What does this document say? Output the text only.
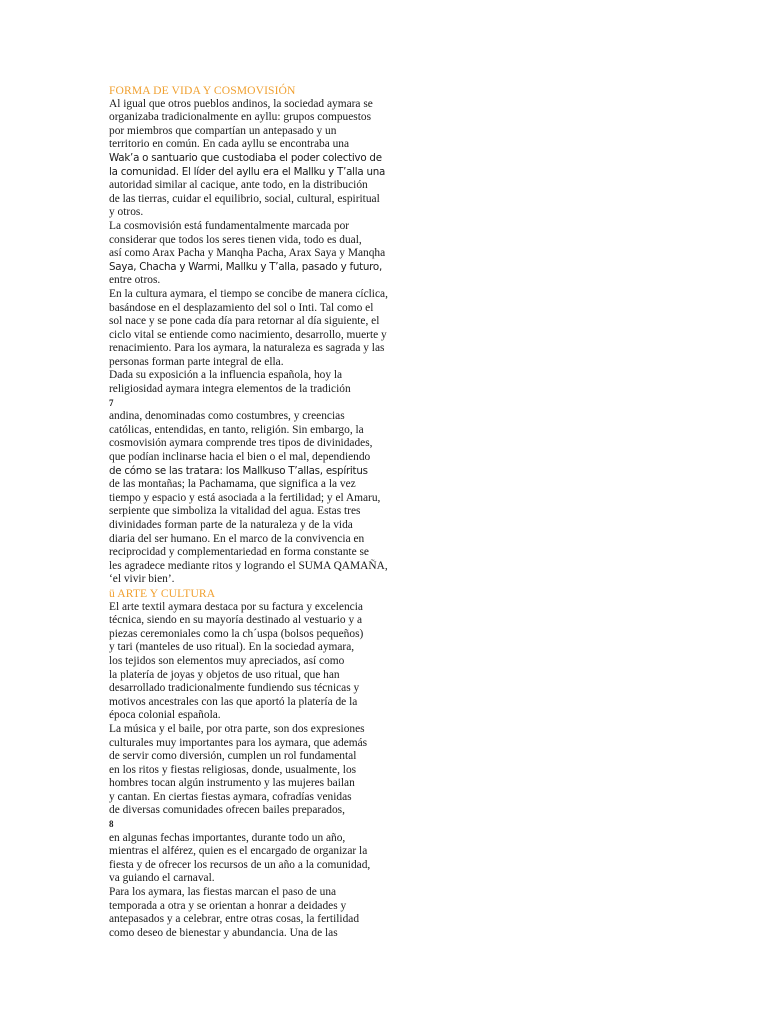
FORMA DE VIDA Y COSMOVISIÓN
Al igual que otros pueblos andinos, la sociedad aymara se
organizaba tradicionalmente en ayllu: grupos compuestos
por miembros que compartían un antepasado y un
territorio en común. En cada ayllu se encontraba una
Wak’a o santuario que custodiaba el poder colectivo de
la comunidad. El líder del ayllu era el Mallku y T’alla una
autoridad similar al cacique, ante todo, en la distribución
de las tierras, cuidar el equilibrio, social, cultural, espiritual
y otros.
La cosmovisión está fundamentalmente marcada por
considerar que todos los seres tienen vida, todo es dual,
así como Arax Pacha y Manqha Pacha, Arax Saya y Manqha
Saya, Chacha y Warmi, Mallku y T’alla, pasado y futuro,
entre otros.
En la cultura aymara, el tiempo se concibe de manera cíclica,
basándose en el desplazamiento del sol o Inti. Tal como el
sol nace y se pone cada día para retornar al día siguiente, el
ciclo vital se entiende como nacimiento, desarrollo, muerte y
renacimiento. Para los aymara, la naturaleza es sagrada y las
personas forman parte integral de ella.
Dada su exposición a la influencia española, hoy la
religiosidad aymara integra elementos de la tradición
7
andina, denominadas como costumbres, y creencias
católicas, entendidas, en tanto, religión. Sin embargo, la
cosmovisión aymara comprende tres tipos de divinidades,
que podían inclinarse hacia el bien o el mal, dependiendo
de cómo se las tratara: los Mallkuso T’allas, espíritus
de las montañas; la Pachamama, que significa a la vez
tiempo y espacio y está asociada a la fertilidad; y el Amaru,
serpiente que simboliza la vitalidad del agua. Estas tres
divinidades forman parte de la naturaleza y de la vida
diaria del ser humano. En el marco de la convivencia en
reciprocidad y complementariedad en forma constante se
les agradece mediante ritos y logrando el SUMA QAMAÑA,
‘el vivir bien’.
ü ARTE Y CULTURA
El arte textil aymara destaca por su factura y excelencia
técnica, siendo en su mayoría destinado al vestuario y a
piezas ceremoniales como la ch´uspa (bolsos pequeños)
y tari (manteles de uso ritual). En la sociedad aymara,
los tejidos son elementos muy apreciados, así como
la platería de joyas y objetos de uso ritual, que han
desarrollado tradicionalmente fundiendo sus técnicas y
motivos ancestrales con las que aportó la platería de la
época colonial española.
La música y el baile, por otra parte, son dos expresiones
culturales muy importantes para los aymara, que además
de servir como diversión, cumplen un rol fundamental
en los ritos y fiestas religiosas, donde, usualmente, los
hombres tocan algún instrumento y las mujeres bailan
y cantan. En ciertas fiestas aymara, cofradías venidas
de diversas comunidades ofrecen bailes preparados,
8
en algunas fechas importantes, durante todo un año,
mientras el alférez, quien es el encargado de organizar la
fiesta y de ofrecer los recursos de un año a la comunidad,
va guiando el carnaval.
Para los aymara, las fiestas marcan el paso de una
temporada a otra y se orientan a honrar a deidades y
antepasados y a celebrar, entre otras cosas, la fertilidad
como deseo de bienestar y abundancia. Una de las
